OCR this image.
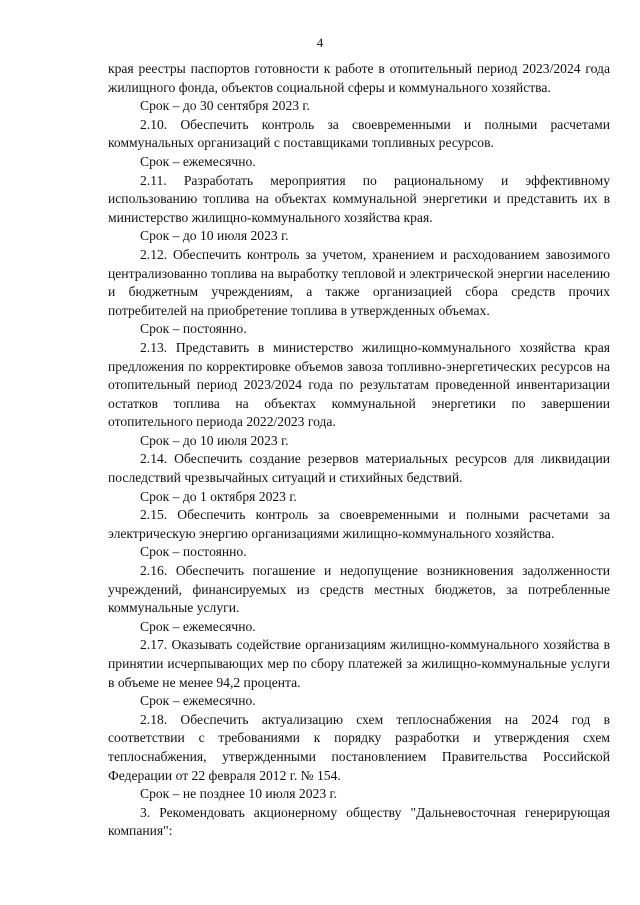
4

края реестры паспортов готовности к работе в отопительный период 2023/2024 года жилищного фонда, объектов социальной сферы и коммунального хозяйства.

Срок – до 30 сентября 2023 г.

2.10. Обеспечить контроль за своевременными и полными расчетами коммунальных организаций с поставщиками топливных ресурсов.

Срок – ежемесячно.

2.11. Разработать мероприятия по рациональному и эффективному использованию топлива на объектах коммунальной энергетики и представить их в министерство жилищно-коммунального хозяйства края.

Срок – до 10 июля 2023 г.

2.12. Обеспечить контроль за учетом, хранением и расходованием завозимого централизованно топлива на выработку тепловой и электрической энергии населению и бюджетным учреждениям, а также организацией сбора средств прочих потребителей на приобретение топлива в утвержденных объемах.

Срок – постоянно.

2.13. Представить в министерство жилищно-коммунального хозяйства края предложения по корректировке объемов завоза топливно-энергетических ресурсов на отопительный период 2023/2024 года по результатам проведенной инвентаризации остатков топлива на объектах коммунальной энергетики по завершении отопительного периода 2022/2023 года.

Срок – до 10 июля 2023 г.

2.14. Обеспечить создание резервов материальных ресурсов для ликвидации последствий чрезвычайных ситуаций и стихийных бедствий.

Срок – до 1 октября 2023 г.

2.15. Обеспечить контроль за своевременными и полными расчетами за электрическую энергию организациями жилищно-коммунального хозяйства.

Срок – постоянно.

2.16. Обеспечить погашение и недопущение возникновения задолженности учреждений, финансируемых из средств местных бюджетов, за потребленные коммунальные услуги.

Срок – ежемесячно.

2.17. Оказывать содействие организациям жилищно-коммунального хозяйства в принятии исчерпывающих мер по сбору платежей за жилищно-коммунальные услуги в объеме не менее 94,2 процента.

Срок – ежемесячно.

2.18. Обеспечить актуализацию схем теплоснабжения на 2024 год в соответствии с требованиями к порядку разработки и утверждения схем теплоснабжения, утвержденными постановлением Правительства Российской Федерации от 22 февраля 2012 г. № 154.

Срок – не позднее 10 июля 2023 г.

3. Рекомендовать акционерному обществу "Дальневосточная генерирующая компания":
